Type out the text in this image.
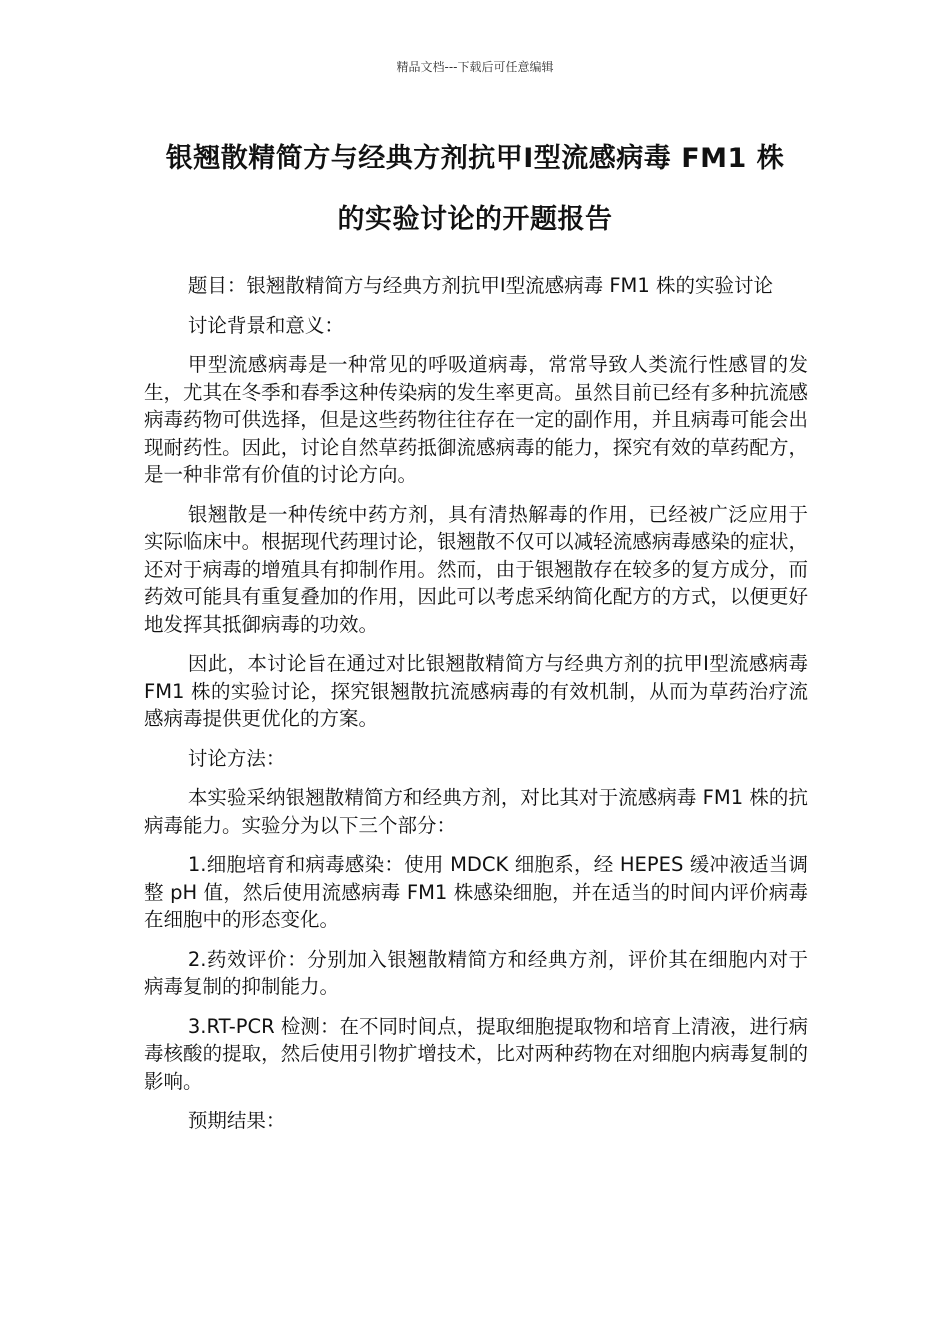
精品文档---下载后可任意编辑
银翘散精简方与经典方剂抗甲Ⅰ型流感病毒 FM1 株
的实验讨论的开题报告

题目：银翘散精简方与经典方剂抗甲Ⅰ型流感病毒 FM1 株的实验讨论

讨论背景和意义：

甲型流感病毒是一种常见的呼吸道病毒，常常导致人类流行性感冒的发生，尤其在冬季和春季这种传染病的发生率更高。虽然目前已经有多种抗流感病毒药物可供选择，但是这些药物往往存在一定的副作用，并且病毒可能会出现耐药性。因此，讨论自然草药抵御流感病毒的能力，探究有效的草药配方，是一种非常有价值的讨论方向。

银翘散是一种传统中药方剂，具有清热解毒的作用，已经被广泛应用于实际临床中。根据现代药理讨论，银翘散不仅可以减轻流感病毒感染的症状，还对于病毒的增殖具有抑制作用。然而，由于银翘散存在较多的复方成分，而药效可能具有重复叠加的作用，因此可以考虑采纳简化配方的方式，以便更好地发挥其抵御病毒的功效。

因此，本讨论旨在通过对比银翘散精简方与经典方剂的抗甲Ⅰ型流感病毒 FM1 株的实验讨论，探究银翘散抗流感病毒的有效机制，从而为草药治疗流感病毒提供更优化的方案。

讨论方法：

本实验采纳银翘散精简方和经典方剂，对比其对于流感病毒 FM1 株的抗病毒能力。实验分为以下三个部分：

1.细胞培育和病毒感染：使用 MDCK 细胞系，经 HEPES 缓冲液适当调整 pH 值，然后使用流感病毒 FM1 株感染细胞，并在适当的时间内评价病毒在细胞中的形态变化。

2.药效评价：分别加入银翘散精简方和经典方剂，评价其在细胞内对于病毒复制的抑制能力。

3.RT-PCR 检测：在不同时间点，提取细胞提取物和培育上清液，进行病毒核酸的提取，然后使用引物扩增技术，比对两种药物在对细胞内病毒复制的影响。

预期结果：
